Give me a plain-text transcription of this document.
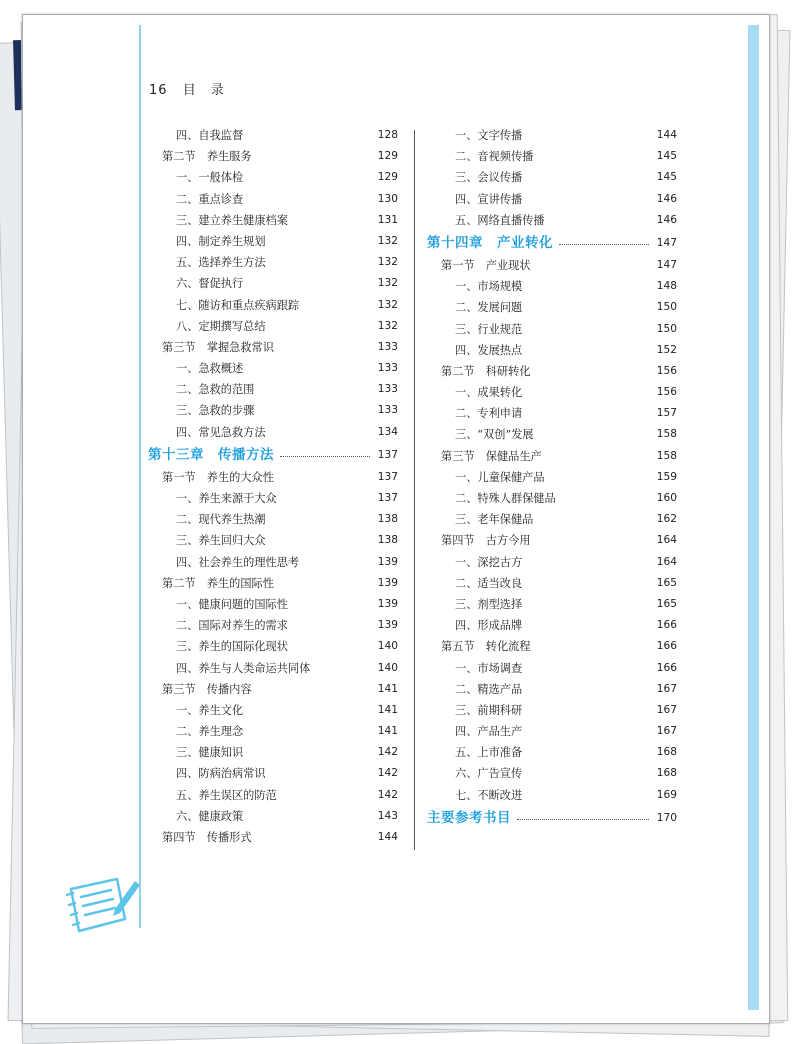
16 目　录
四、自我监督	128
第二节　养生服务	129
一、一般体检	129
二、重点诊查	130
三、建立养生健康档案	131
四、制定养生规划	132
五、选择养生方法	132
六、督促执行	132
七、随访和重点疾病跟踪	132
八、定期撰写总结	132
第三节　掌握急救常识	133
一、急救概述	133
二、急救的范围	133
三、急救的步骤	133
四、常见急救方法	134
第十三章　传播方法	137
第一节　养生的大众性	137
一、养生来源于大众	137
二、现代养生热潮	138
三、养生回归大众	138
四、社会养生的理性思考	139
第二节　养生的国际性	139
一、健康问题的国际性	139
二、国际对养生的需求	139
三、养生的国际化现状	140
四、养生与人类命运共同体	140
第三节　传播内容	141
一、养生文化	141
二、养生理念	141
三、健康知识	142
四、防病治病常识	142
五、养生误区的防范	142
六、健康政策	143
第四节　传播形式	144
一、文字传播	144
二、音视频传播	145
三、会议传播	145
四、宣讲传播	146
五、网络直播传播	146
第十四章　产业转化	147
第一节　产业现状	147
一、市场规模	148
二、发展问题	150
三、行业规范	150
四、发展热点	152
第二节　科研转化	156
一、成果转化	156
二、专利申请	157
三、“双创”发展	158
第三节　保健品生产	158
一、儿童保健产品	159
二、特殊人群保健品	160
三、老年保健品	162
第四节　古方今用	164
一、深挖古方	164
二、适当改良	165
三、剂型选择	165
四、形成品牌	166
第五节　转化流程	166
一、市场调查	166
二、精选产品	167
三、前期科研	167
四、产品生产	167
五、上市准备	168
六、广告宣传	168
七、不断改进	169
主要参考书目	170
